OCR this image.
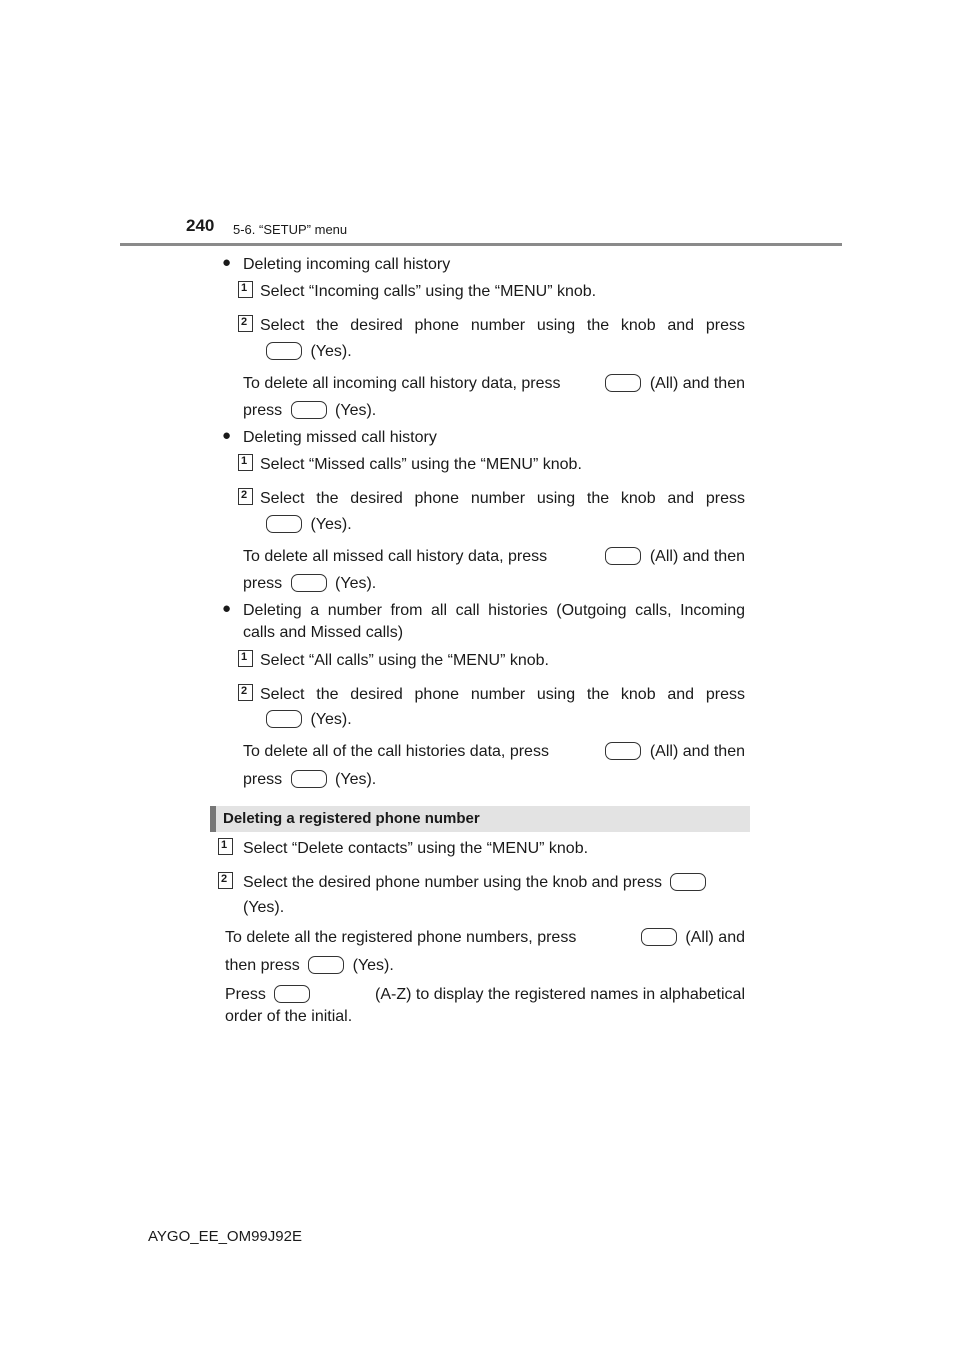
240 5-6. “SETUP” menu
● Deleting incoming call history
1 Select “Incoming calls” using the “MENU” knob.
2 Select the desired phone number using the knob and press
(Yes).
To delete all incoming call history data, press	(All) and then
press	(Yes).
● Deleting missed call history
1 Select “Missed calls” using the “MENU” knob.
2 Select the desired phone number using the knob and press
(Yes).
To delete all missed call history data, press	(All) and then
press	(Yes).
● Deleting a number from all call histories (Outgoing calls, Incoming
calls and Missed calls)
1 Select “All calls” using the “MENU” knob.
2 Select the desired phone number using the knob and press
(Yes).
To delete all of the call histories data, press	(All) and then
press	(Yes).
Deleting a registered phone number
1 Select “Delete contacts” using the “MENU” knob.
2 Select the desired phone number using the knob and press
(Yes).
To delete all the registered phone numbers, press	(All) and
then press	(Yes).
Press	(A-Z) to display the registered names in alphabetical
order of the initial.
AYGO_EE_OM99J92E
